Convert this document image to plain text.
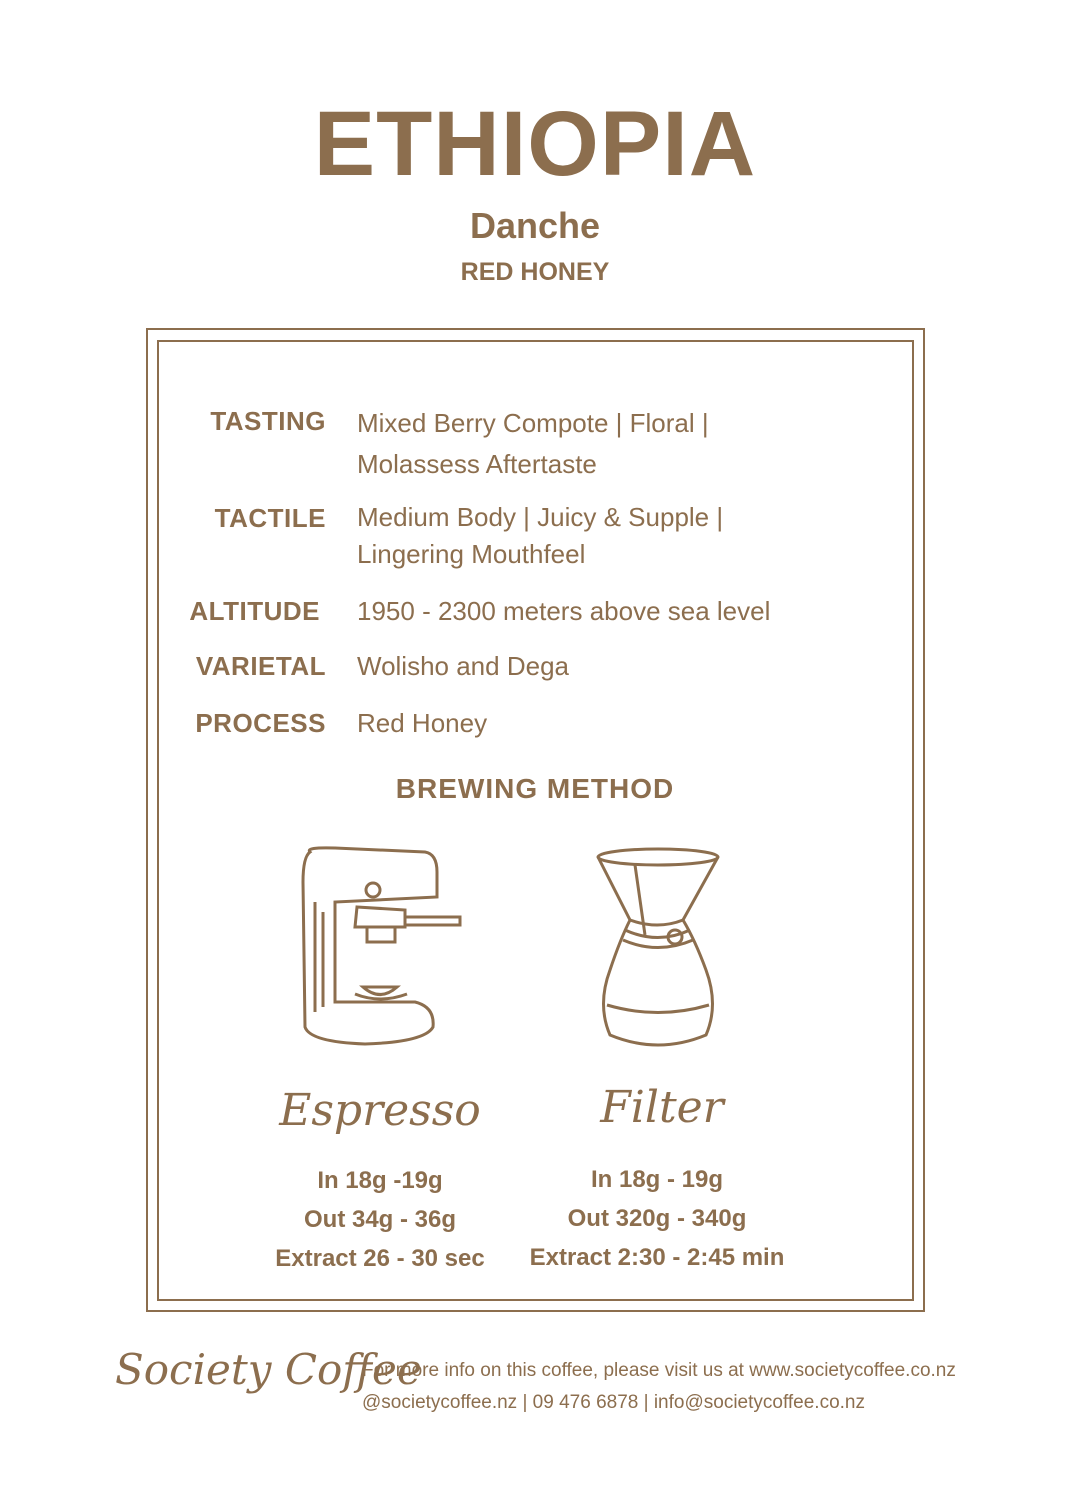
ETHIOPIA
Danche
RED HONEY
TASTING Mixed Berry Compote | Floral | Molassess Aftertaste
TACTILE Medium Body | Juicy & Supple | Lingering Mouthfeel
ALTITUDE 1950 - 2300 meters above sea level
VARIETAL Wolisho and Dega
PROCESS Red Honey
BREWING METHOD
Espresso	Filter
In 18g -19g
Out 34g - 36g
Extract 26 - 30 sec
In 18g - 19g
Out 320g - 340g
Extract 2:30 - 2:45 min
Society Coffee
For more info on this coffee, please visit us at www.societycoffee.co.nz
@societycoffee.nz | 09 476 6878 | info@societycoffee.co.nz
